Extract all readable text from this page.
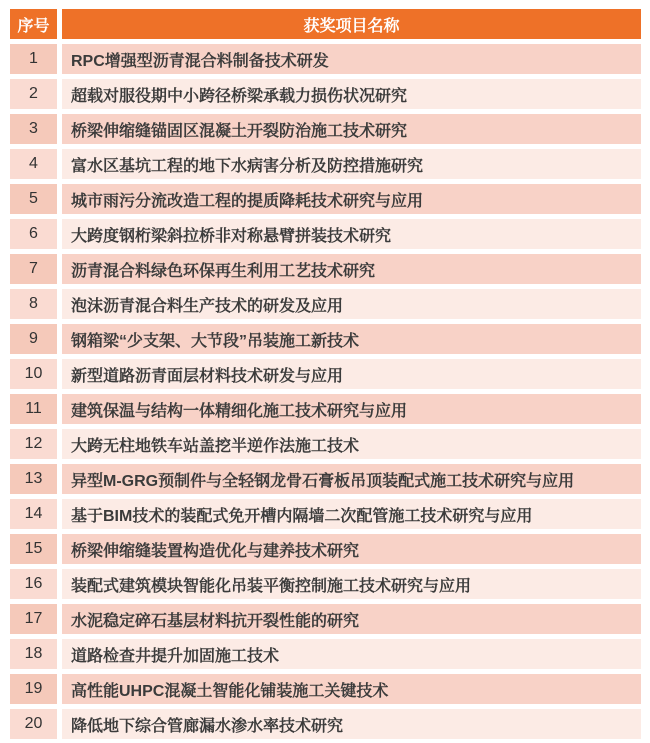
序号	获奖项目名称
1	RPC增强型沥青混合料制备技术研发
2	超载对服役期中小跨径桥梁承载力损伤状况研究
3	桥梁伸缩缝锚固区混凝土开裂防治施工技术研究
4	富水区基坑工程的地下水病害分析及防控措施研究
5	城市雨污分流改造工程的提质降耗技术研究与应用
6	大跨度钢桁梁斜拉桥非对称悬臂拼装技术研究
7	沥青混合料绿色环保再生利用工艺技术研究
8	泡沫沥青混合料生产技术的研发及应用
9	钢箱梁“少支架、大节段”吊装施工新技术
10	新型道路沥青面层材料技术研发与应用
11	建筑保温与结构一体精细化施工技术研究与应用
12	大跨无柱地铁车站盖挖半逆作法施工技术
13	异型M-GRG预制件与全轻钢龙骨石膏板吊顶装配式施工技术研究与应用
14	基于BIM技术的装配式免开槽内隔墙二次配管施工技术研究与应用
15	桥梁伸缩缝装置构造优化与建养技术研究
16	装配式建筑模块智能化吊装平衡控制施工技术研究与应用
17	水泥稳定碎石基层材料抗开裂性能的研究
18	道路检查井提升加固施工技术
19	高性能UHPC混凝土智能化铺装施工关键技术
20	降低地下综合管廊漏水渗水率技术研究
